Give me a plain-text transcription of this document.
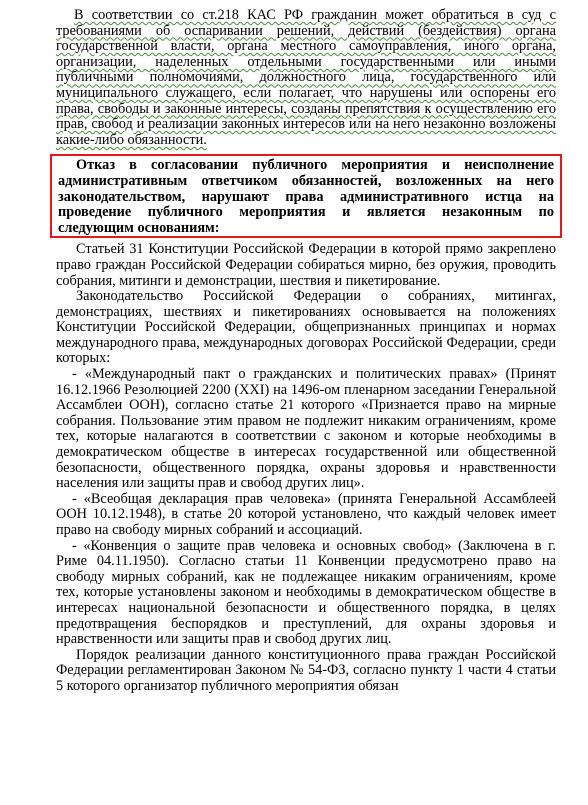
В соответствии со ст.218 КАС РФ гражданин может обратиться в суд с требованиями об оспаривании решений, действий (бездействия) органа государственной власти, органа местного самоуправления, иного органа, организации, наделенных отдельными государственными или иными публичными полномочиями, должностного лица, государственного или муниципального служащего, если полагает, что нарушены или оспорены его права, свободы и законные интересы, созданы препятствия к осуществлению его прав, свобод и реализации законных интересов или на него незаконно возложены какие-либо обязанности.

Отказ в согласовании публичного мероприятия и неисполнение административным ответчиком обязанностей, возложенных на него законодательством, нарушают права административного истца на проведение публичного мероприятия и является незаконным по следующим основаниям:

Статьей 31 Конституции Российской Федерации в которой прямо закреплено право граждан Российской Федерации собираться мирно, без оружия, проводить собрания, митинги и демонстрации, шествия и пикетирование.

Законодательство Российской Федерации о собраниях, митингах, демонстрациях, шествиях и пикетированиях основывается на положениях Конституции Российской Федерации, общепризнанных принципах и нормах международного права, международных договорах Российской Федерации, среди которых:

- «Международный пакт о гражданских и политических правах» (Принят 16.12.1966 Резолюцией 2200 (XXI) на 1496-ом пленарном заседании Генеральной Ассамблеи ООН), согласно статье 21 которого «Признается право на мирные собрания. Пользование этим правом не подлежит никаким ограничениям, кроме тех, которые налагаются в соответствии с законом и которые необходимы в демократическом обществе в интересах государственной или общественной безопасности, общественного порядка, охраны здоровья и нравственности населения или защиты прав и свобод других лиц».

- «Всеобщая декларация прав человека» (принята Генеральной Ассамблеей ООН 10.12.1948), в статье 20 которой установлено, что каждый человек имеет право на свободу мирных собраний и ассоциаций.

- «Конвенция о защите прав человека и основных свобод» (Заключена в г. Риме 04.11.1950). Согласно статьи 11 Конвенции предусмотрено право на свободу мирных собраний, как не подлежащее никаким ограничениям, кроме тех, которые установлены законом и необходимы в демократическом обществе в интересах национальной безопасности и общественного порядка, в целях предотвращения беспорядков и преступлений, для охраны здоровья и нравственности или защиты прав и свобод других лиц.

Порядок реализации данного конституционного права граждан Российской Федерации регламентирован Законом № 54-ФЗ, согласно пункту 1 части 4 статьи 5 которого организатор публичного мероприятия обязан
